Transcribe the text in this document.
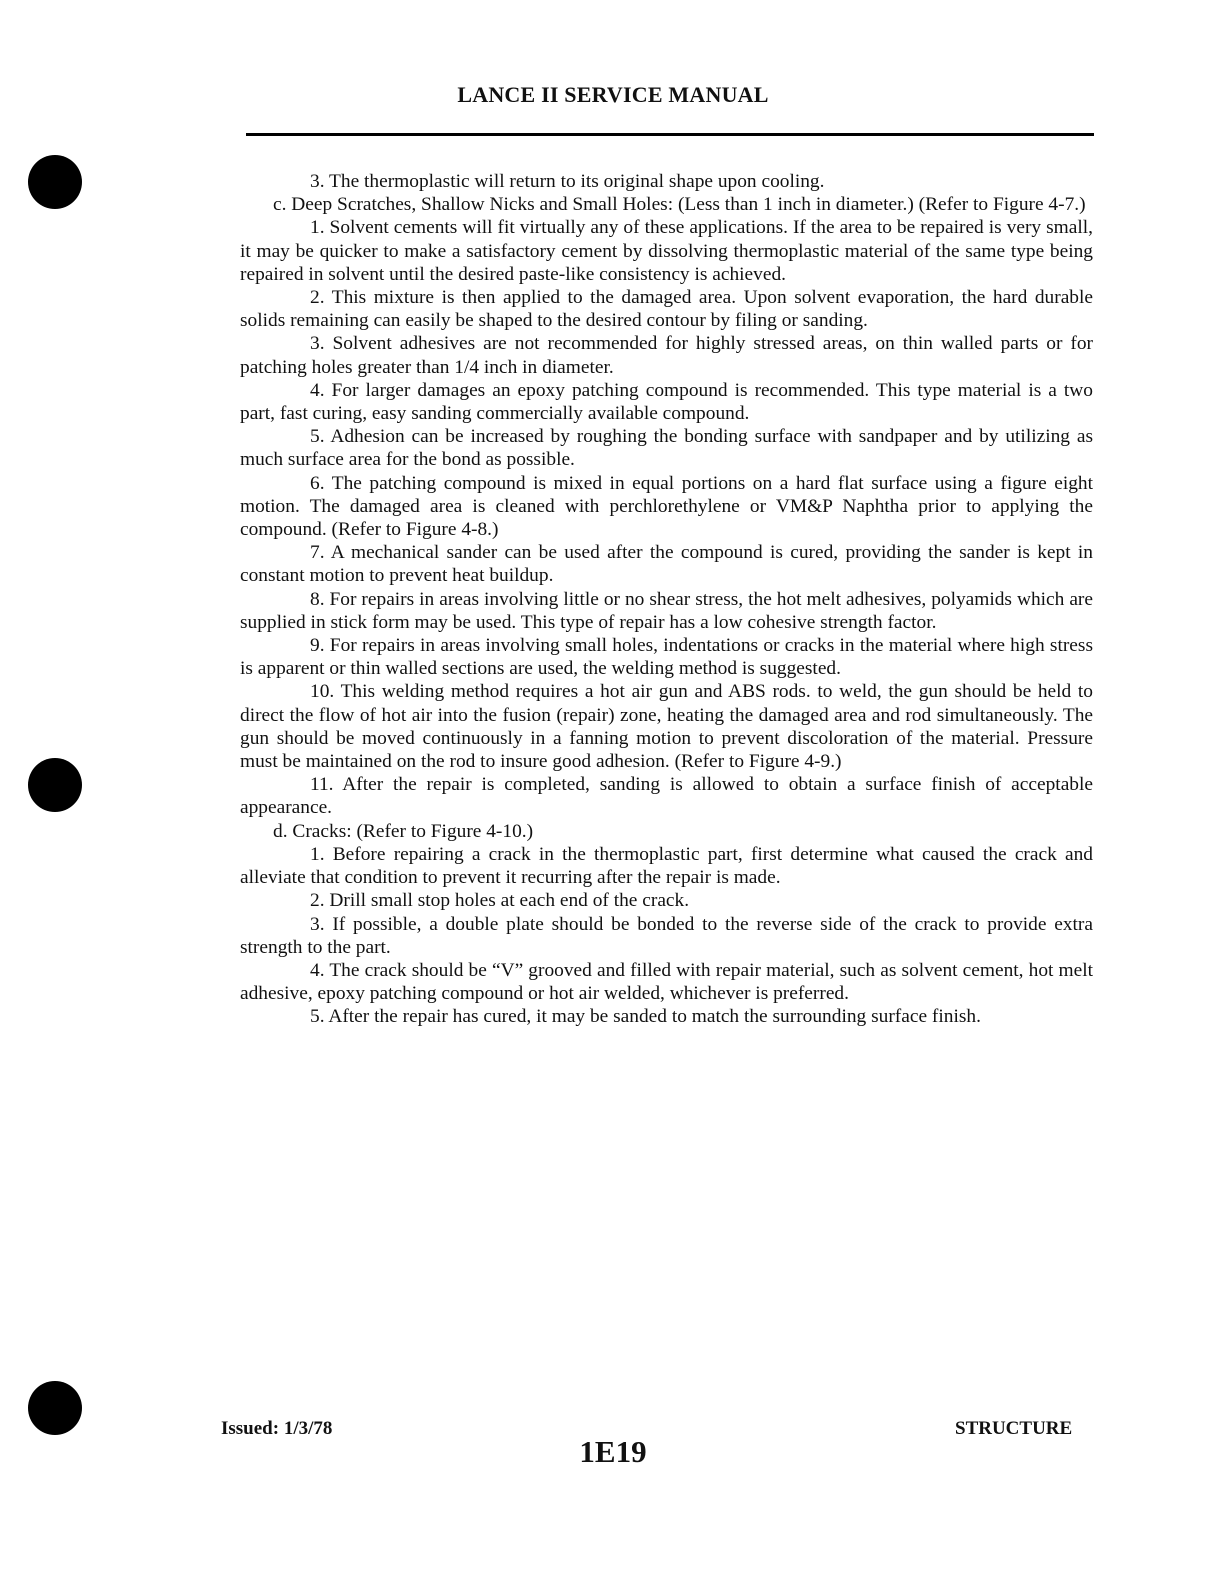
LANCE II SERVICE MANUAL

3. The thermoplastic will return to its original shape upon cooling.

c. Deep Scratches, Shallow Nicks and Small Holes: (Less than 1 inch in diameter.) (Refer to Figure 4-7.)

1. Solvent cements will fit virtually any of these applications. If the area to be repaired is very small, it may be quicker to make a satisfactory cement by dissolving thermoplastic material of the same type being repaired in solvent until the desired paste-like consistency is achieved.

2. This mixture is then applied to the damaged area. Upon solvent evaporation, the hard durable solids remaining can easily be shaped to the desired contour by filing or sanding.

3. Solvent adhesives are not recommended for highly stressed areas, on thin walled parts or for patching holes greater than 1/4 inch in diameter.

4. For larger damages an epoxy patching compound is recommended. This type material is a two part, fast curing, easy sanding commercially available compound.

5. Adhesion can be increased by roughing the bonding surface with sandpaper and by utilizing as much surface area for the bond as possible.

6. The patching compound is mixed in equal portions on a hard flat surface using a figure eight motion. The damaged area is cleaned with perchlorethylene or VM&P Naphtha prior to applying the compound. (Refer to Figure 4-8.)

7. A mechanical sander can be used after the compound is cured, providing the sander is kept in constant motion to prevent heat buildup.

8. For repairs in areas involving little or no shear stress, the hot melt adhesives, polyamids which are supplied in stick form may be used. This type of repair has a low cohesive strength factor.

9. For repairs in areas involving small holes, indentations or cracks in the material where high stress is apparent or thin walled sections are used, the welding method is suggested.

10. This welding method requires a hot air gun and ABS rods. to weld, the gun should be held to direct the flow of hot air into the fusion (repair) zone, heating the damaged area and rod simultaneously. The gun should be moved continuously in a fanning motion to prevent discoloration of the material. Pressure must be maintained on the rod to insure good adhesion. (Refer to Figure 4-9.)

11. After the repair is completed, sanding is allowed to obtain a surface finish of acceptable appearance.

d. Cracks: (Refer to Figure 4-10.)

1. Before repairing a crack in the thermoplastic part, first determine what caused the crack and alleviate that condition to prevent it recurring after the repair is made.

2. Drill small stop holes at each end of the crack.

3. If possible, a double plate should be bonded to the reverse side of the crack to provide extra strength to the part.

4. The crack should be “V” grooved and filled with repair material, such as solvent cement, hot melt adhesive, epoxy patching compound or hot air welded, whichever is preferred.

5. After the repair has cured, it may be sanded to match the surrounding surface finish.

Issued: 1/3/78
1E19
STRUCTURE
